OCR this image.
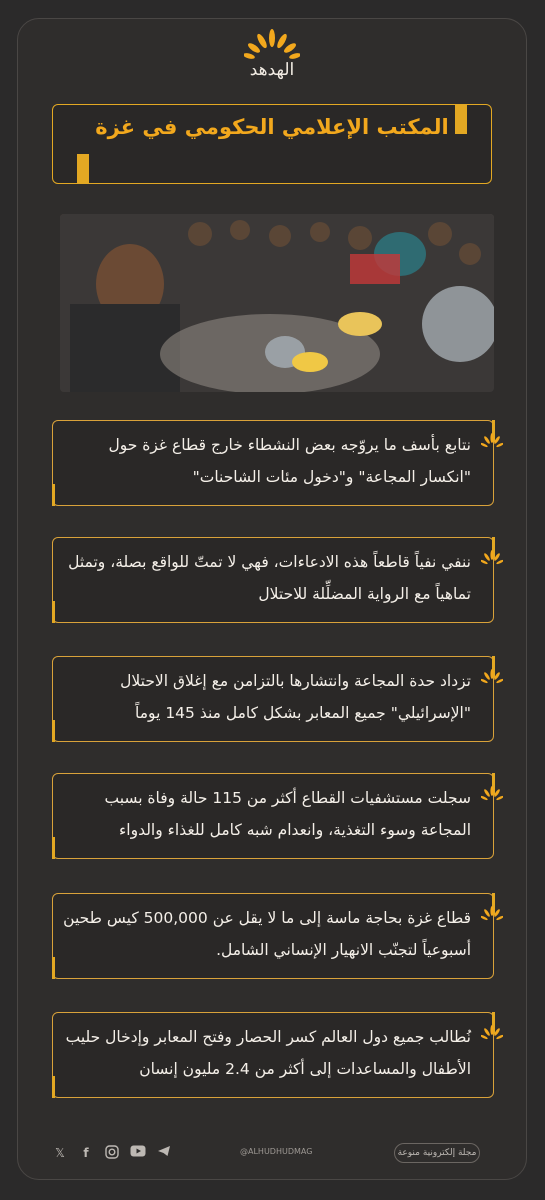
الهدهد
المكتب الإعلامي الحكومي في غزة

نتابع بأسف ما يروّجه بعض النشطاء خارج قطاع غزة حول "انكسار المجاعة" و"دخول مئات الشاحنات"

ننفي نفياً قاطعاً هذه الادعاءات، فهي لا تمتّ للواقع بصلة، وتمثل تماهياً مع الرواية المضلِّلة للاحتلال

تزداد حدة المجاعة وانتشارها بالتزامن مع إغلاق الاحتلال "الإسرائيلي" جميع المعابر بشكل كامل منذ 145 يوماً

سجلت مستشفيات القطاع أكثر من 115 حالة وفاة بسبب المجاعة وسوء التغذية، وانعدام شبه كامل للغذاء والدواء

قطاع غزة بحاجة ماسة إلى ما لا يقل عن 500,000 كيس طحين أسبوعياً لتجنّب الانهيار الإنساني الشامل.

نُطالب جميع دول العالم كسر الحصار وفتح المعابر وإدخال حليب الأطفال والمساعدات إلى أكثر من 2.4 مليون إنسان

𝕏	f	@ALHUDHUDMAG	مجلة إلكترونية منوعة
